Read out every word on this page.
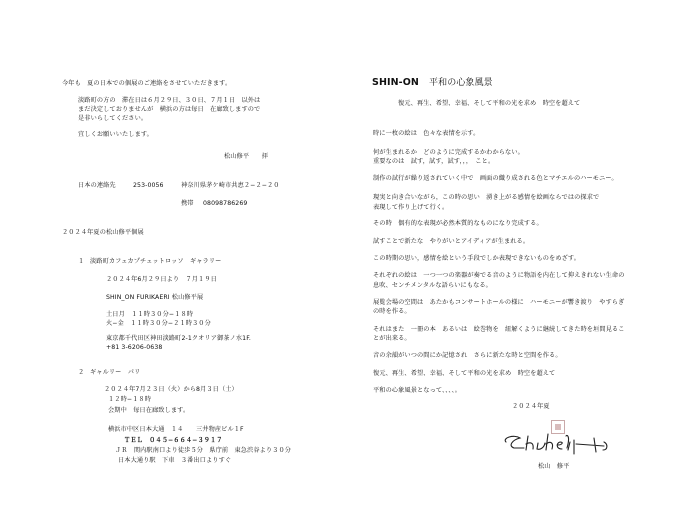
今年も　夏の日本での個展のご連絡をさせていただきます。
淡路町の方の　滞在日は６月２９日、３０日、７月１日　以外は
まだ決定しておりませんが　横浜の方は毎日　在廊致しますので
是非いらしてください。
宜しくお願いいたします。
松山修平　　拝
日本の連絡先	253-0056	神奈川県茅ケ崎市共恵２−２−２０
携帯 08098786269
２０２４年夏の松山修平個展
１ 淡路町カフェカプチェットロッソ　ギャラリー
２０２４年6月２９日より　７月１９日
SHIN_ON FURIKAERI 松山修平展
土日月　１１時３０分−１８時
火−金　１１時３０分−２１時３０分
東京都千代田区神田淡路町2-1クオリア御茶ノ水1F.
+81 3-6206-0638
２ ギャルリー　パリ
２０２４年7月２３日（火）から8月３日（土）
１２時−１８時
会期中　毎日在廊致します。
横浜市中区日本大通　１４　　三井物産ビル１F
ＴＥＬ　０４５−６６４−３９１７
ＪＲ　関内駅南口より徒歩５分　県庁前　東急渋谷より３０分
日本大通り駅　下車　３番出口よりすぐ
SHIN-ON 平和の心象風景
復元、再生、希望、幸福、そして平和の光を求め　時空を超えて
時に一枚の絵は　色々な表情を示す。
何が生まれるか　どのように完成するかわからない。
重要なのは　試す，試す，試す，，，　こと。
制作の試行が繰り返されていく中で　画面の織り成される色とマチエルのハーモニー。
現実と向き合いながら，この時の思い　湧き上がる感情を絵画ならではの探求で
表現して作り上げて行く。
その時　偶有的な表現が必然本質的なものになり完成する。
試すことで新たな　やりがいとアイディアが生まれる。
この時期の思い，感情を絵という手段でしか表現できないものをめざす。
それぞれの絵は　一つ一つの楽器が奏でる音のように物語を内在して抑えきれない生命の
息吹、センチメンタルな語らいにもなる。
展覧会場の空間は　あたかもコンサートホールの様に　ハーモニーが響き渡り　やすらぎ
の時を作る。
それはまた　一冊の本　あるいは　絵巻物を　紐解くように継続してきた時を垣間見るこ
とが出来る。
音の余韻がいつの間にか記憶され　さらに新たな時と空間を作る。
復元、再生、希望、幸福、そして平和の光を求め　時空を超えて
平和の心象風景となって、、、、。
２０２４年夏
松山　修平
